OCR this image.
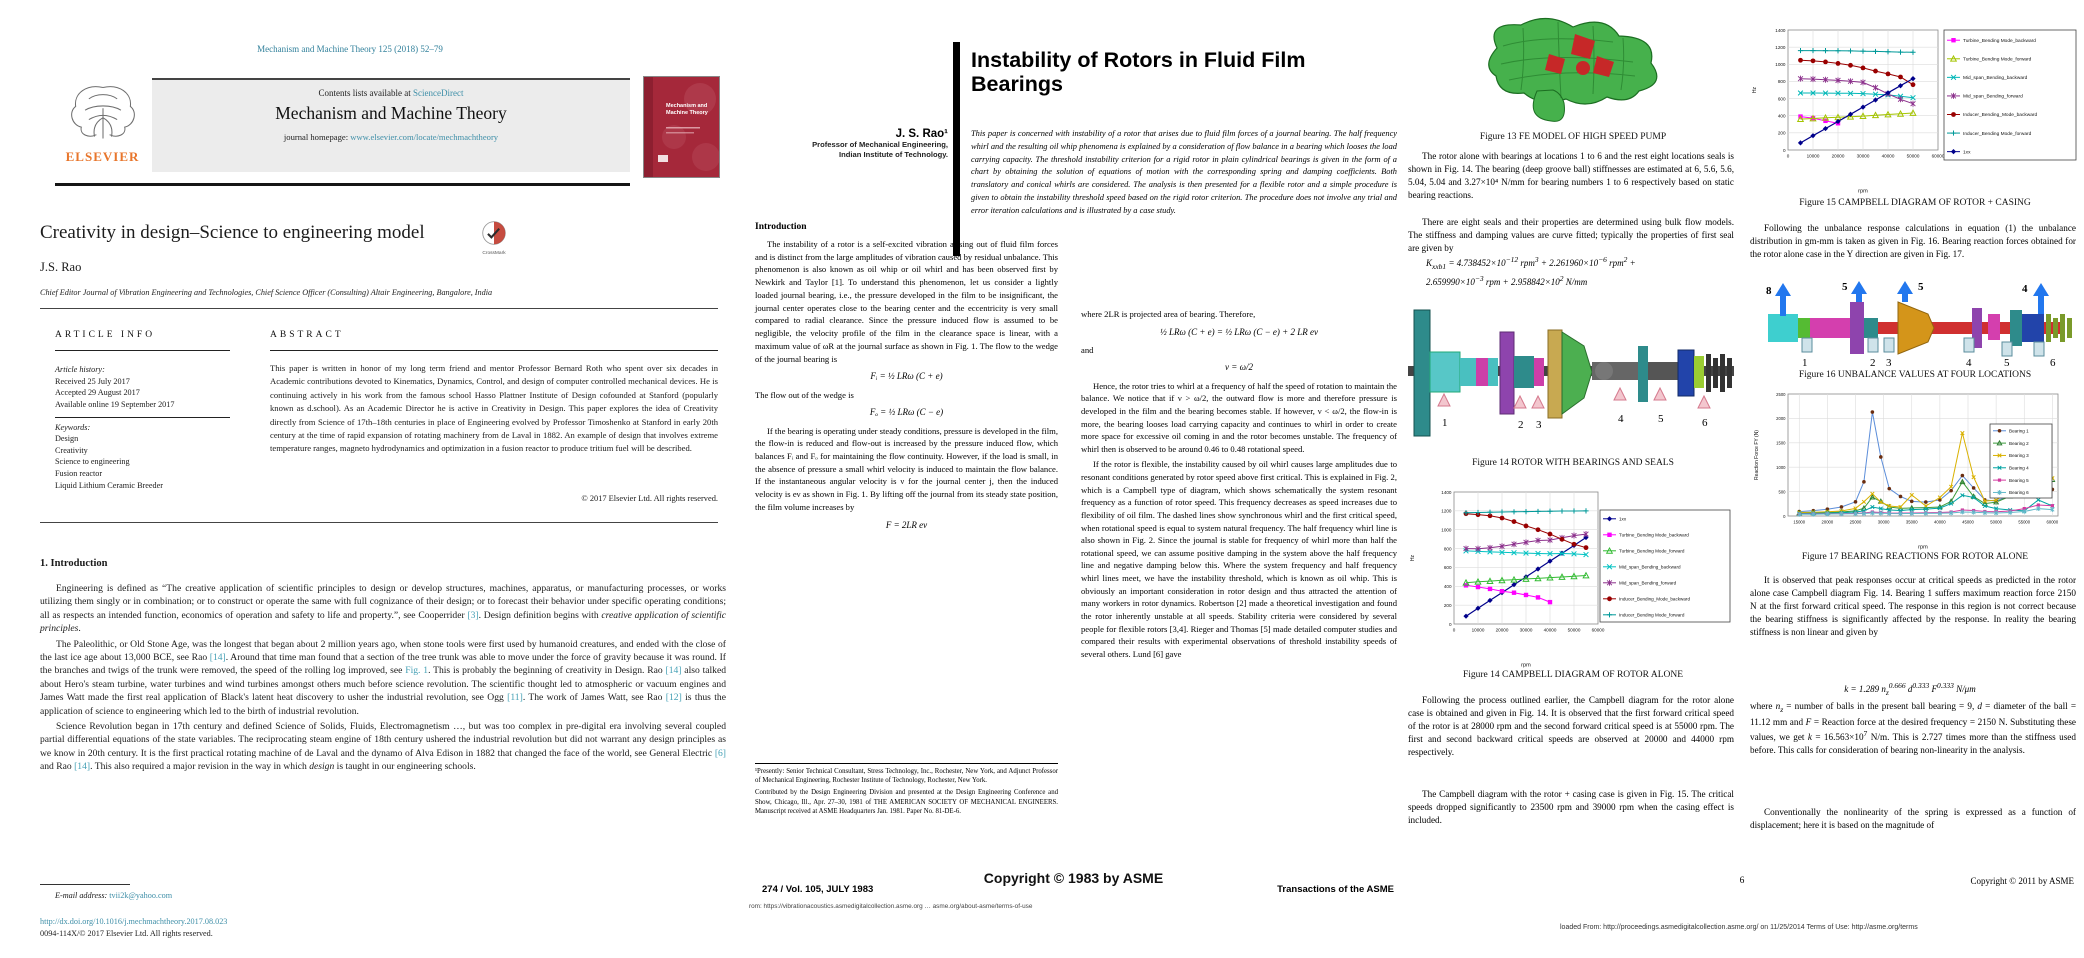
Mechanism and Machine Theory 125 (2018) 52–79
ELSEVIER
Contents lists available at ScienceDirect
Mechanism and Machine Theory
journal homepage: www.elsevier.com/locate/mechmachtheory
Mechanism and Machine Theory
Creativity in design–Science to engineering model
CrossMark
J.S. Rao
Chief Editor Journal of Vibration Engineering and Technologies, Chief Science Officer (Consulting) Altair Engineering, Bangalore, India
ARTICLE INFO	ABSTRACT
Article history:
Received 25 July 2017
Accepted 29 August 2017
Available online 19 September 2017
Keywords:
Design
Creativity
Science to engineering
Fusion reactor
Liquid Lithium Ceramic Breeder
This paper is written in honor of my long term friend and mentor Professor Bernard Roth who spent over six decades in Academic contributions devoted to Kinematics, Dynamics, Control, and design of computer controlled mechanical devices. He is continuing actively in his work from the famous school Hasso Plattner Institute of Design cofounded at Stanford (popularly known as d.school). As an Academic Director he is active in Creativity in Design. This paper explores the idea of Creativity directly from Science of 17th–18th centuries in place of Engineering evolved by Professor Timoshenko at Stanford in early 20th century at the time of rapid expansion of rotating machinery from de Laval in 1882. An example of design that involves extreme temperature ranges, magneto hydrodynamics and optimization in a fusion reactor to produce tritium fuel will be described.
© 2017 Elsevier Ltd. All rights reserved.
1. Introduction

Engineering is defined as “The creative application of scientific principles to design or develop structures, machines, apparatus, or manufacturing processes, or works utilizing them singly or in combination; or to construct or operate the same with full cognizance of their design; or to forecast their behavior under specific operating conditions; all as respects an intended function, economics of operation and safety to life and property.”, see Cooperrider [3]. Design definition begins with creative application of scientific principles.

The Paleolithic, or Old Stone Age, was the longest that began about 2 million years ago, when stone tools were first used by humanoid creatures, and ended with the close of the last ice age about 13,000 BCE, see Rao [14]. Around that time man found that a section of the tree trunk was able to move under the force of gravity because it was round. If the branches and twigs of the trunk were removed, the speed of the rolling log improved, see Fig. 1. This is probably the beginning of creativity in Design. Rao [14] also talked about Hero's steam turbine, water turbines and wind turbines amongst others much before science revolution. The scientific thought led to atmospheric or vacuum engines and James Watt made the first real application of Black's latent heat discovery to usher the industrial revolution, see Ogg [11]. The work of James Watt, see Rao [12] is thus the application of science to engineering which led to the birth of industrial revolution.

Science Revolution began in 17th century and defined Science of Solids, Fluids, Electromagnetism …, but was too complex in pre-digital era involving several coupled partial differential equations of the state variables. The reciprocating steam engine of 18th century ushered the industrial revolution but did not warrant any design principles as we know in 20th century. It is the first practical rotating machine of de Laval and the dynamo of Alva Edison in 1882 that changed the face of the world, see General Electric [6] and Rao [14]. This also required a major revision in the way in which design is taught in our engineering schools.

E-mail address: tvii2k@yahoo.com
http://dx.doi.org/10.1016/j.mechmachtheory.2017.08.023
0094-114X/© 2017 Elsevier Ltd. All rights reserved.
J. S. Rao¹
Professor of Mechanical Engineering,
Indian Institute of Technology.
Instability of Rotors in Fluid Film Bearings
This paper is concerned with instability of a rotor that arises due to fluid film forces of a journal bearing. The half frequency whirl and the resulting oil whip phenomena is explained by a consideration of flow balance in a bearing which looses the load carrying capacity. The threshold instability criterion for a rigid rotor in plain cylindrical bearings is given in the form of a chart by obtaining the solution of equations of motion with the corresponding spring and damping coefficients. Both translatory and conical whirls are considered. The analysis is then presented for a flexible rotor and a simple procedure is given to obtain the instability threshold speed based on the rigid rotor criterion. The procedure does not involve any trial and error iteration calculations and is illustrated by a case study.
Introduction

The instability of a rotor is a self-excited vibration arising out of fluid film forces and is distinct from the large amplitudes of vibration caused by residual unbalance. This phenomenon is also known as oil whip or oil whirl and has been observed first by Newkirk and Taylor [1]. To understand this phenomenon, let us consider a lightly loaded journal bearing, i.e., the pressure developed in the film to be insignificant, the journal center operates close to the bearing center and the eccentricity is very small compared to radial clearance. Since the pressure induced flow is assumed to be negligible, the velocity profile of the film in the clearance space is linear, with a maximum value of ωR at the journal surface as shown in Fig. 1. The flow to the wedge of the journal bearing is

Fᵢ = ½ LRω (C + e)

The flow out of the wedge is

Fₒ = ½ LRω (C − e)

If the bearing is operating under steady conditions, pressure is developed in the film, the flow-in is reduced and flow-out is increased by the pressure induced flow, which balances Fᵢ and Fₒ for maintaining the flow continuity. However, if the load is small, in the absence of pressure a small whirl velocity is induced to maintain the flow balance. If the instantaneous angular velocity is ν for the journal center j, then the induced velocity is eν as shown in Fig. 1. By lifting off the journal from its steady state position, the film volume increases by

F = 2LR eν

¹Presently: Senior Technical Consultant, Stress Technology, Inc., Rochester, New York, and Adjunct Professor of Mechanical Engineering, Rochester Institute of Technology, Rochester, New York.

Contributed by the Design Engineering Division and presented at the Design Engineering Conference and Show, Chicago, Ill., Apr. 27–30, 1981 of THE AMERICAN SOCIETY OF MECHANICAL ENGINEERS. Manuscript received at ASME Headquarters Jan. 1981. Paper No. 81-DE-6.

where 2LR is projected area of bearing. Therefore,

½ LRω (C + e) = ½ LRω (C − e) + 2 LR eν

and

ν = ω/2

Hence, the rotor tries to whirl at a frequency of half the speed of rotation to maintain the balance. We notice that if ν > ω/2, the outward flow is more and therefore pressure is developed in the film and the bearing becomes stable. If however, ν < ω/2, the flow-in is more, the bearing looses load carrying capacity and continues to whirl in order to create more space for excessive oil coming in and the rotor becomes unstable. The frequency of whirl then is observed to be around 0.46 to 0.48 rotational speed.

If the rotor is flexible, the instability caused by oil whirl causes large amplitudes due to resonant conditions generated by rotor speed above first critical. This is explained in Fig. 2, which is a Campbell type of diagram, which shows schematically the system resonant frequency as a function of rotor speed. This frequency decreases as speed increases due to flexibility of oil film. The dashed lines show synchronous whirl and the first critical speed, when rotational speed is equal to system natural frequency. The half frequency whirl line is also shown in Fig. 2. Since the journal is stable for frequency of whirl more than half the rotational speed, we can assume positive damping in the system above the half frequency line and negative damping below this. Where the system frequency and half frequency whirl lines meet, we have the instability threshold, which is known as oil whip. This is obviously an important consideration in rotor design and thus attracted the attention of many workers in rotor dynamics. Robertson [2] made a theoretical investigation and found the rotor inherently unstable at all speeds. Stability criteria were considered by several people for flexible rotors [3,4]. Rieger and Thomas [5] made detailed computer studies and compared their results with experimental observations of threshold instability speeds of several others. Lund [6] gave

Copyright © 1983 by ASME
274 / Vol. 105, JULY 1983	Transactions of the ASME
rom: https://vibrationacoustics.asmedigitalcollection.asme.org … asme.org/about-asme/terms-of-use
Figure 13 FE MODEL OF HIGH SPEED PUMP
The rotor alone with bearings at locations 1 to 6 and the rest eight locations seals is shown in Fig. 14. The bearing (deep groove ball) stiffnesses are estimated at 6, 5.6, 5.6, 5.04, 5.04 and 3.27×10⁴ N/mm for bearing numbers 1 to 6 respectively based on static bearing reactions.
There are eight seals and their properties are determined using bulk flow models. The stiffness and damping values are curve fitted; typically the properties of first seal are given by
$K_{xxb1} = 4.738452\times 10^{-12}$ $rpm^3 + 2.261960\times 10^{-6}$ rpm$^2$ +
$2.659990\times 10^{-3}$ rpm + $2.958842\times 10^2$ N/mm
1	2 3	4	5	6
Figure 14 ROTOR WITH BEARINGS AND SEALS
0	10000 20000 30000 40000 50000 60000
0
200
400
600
800
1000
1200
1400
rpm
Hz
1xx
Turbine_Bending Mode_backward
Turbine_Bending Mode_forward
Mid_span_Bending_backward
Mid_span_Bending_forward
Inducer_Bending_Mode_backward
Inducer_Bending Mode_forward
Figure 14 CAMPBELL DIAGRAM OF ROTOR ALONE
Following the process outlined earlier, the Campbell diagram for the rotor alone case is obtained and given in Fig. 14. It is observed that the first forward critical speed of the rotor is at 28000 rpm and the second forward critical speed is at 55000 rpm. The first and second backward critical speeds are observed at 20000 and 44000 rpm respectively.
The Campbell diagram with the rotor + casing case is given in Fig. 15. The critical speeds dropped significantly to 23500 rpm and 39000 rpm when the casing effect is included.
0	10000	20000	30000	40000	50000	60000
0
200
400
600
800
1000
1200
1400
rpm
Hz
Turbine_Bending Mode_backward
Turbine_Bending Mode_forward
Mid_span_Bending_backward
Mid_span_Bending_forward
Inducer_Bending_Mode_backward
Inducer_Bending Mode_forward
1xx
Figure 15 CAMPBELL DIAGRAM OF ROTOR + CASING
Following the unbalance response calculations in equation (1) the unbalance distribution in gm-mm is taken as given in Fig. 16. Bearing reaction forces obtained for the rotor alone case in the Y direction are given in Fig. 17.
8	5	5	4
1	2 3	4	5	6
Figure 16 UNBALANCE VALUES AT FOUR LOCATIONS
15000	20000	25000	30000	35000	40000	45000	50000	55000	60000
0
500
1000
1500
2000
2500
rpm
Reaction Force FY (N)	Bearing 1
Bearing 2
Bearing 3
Bearing 4
Bearing 5
Bearing 6
Figure 17 BEARING REACTIONS FOR ROTOR ALONE
It is observed that peak responses occur at critical speeds as predicted in the rotor alone case Campbell diagram Fig. 14. Bearing 1 suffers maximum reaction force 2150 N at the first forward critical speed. The response in this region is not correct because the bearing stiffness is significantly affected by the response. In reality the bearing stiffness is non linear and given by
k = 1.289 $n_z^{0.666}$ $d^{0.333}$ $F^{0.333}$ N/μm
where $n_z$ = number of balls in the present ball bearing = 9, d = diameter of the ball = 11.12 mm and F = Reaction force at the desired frequency = 2150 N. Substituting these values, we get $k = 16.563\times 10^7$ N/m. This is 2.727 times more than the stiffness used before. This calls for consideration of bearing non-linearity in the analysis.
Conventionally the nonlinearity of the spring is expressed as a function of displacement; here it is based on the magnitude of
6	Copyright © 2011 by ASME
loaded From: http://proceedings.asmedigitalcollection.asme.org/ on 11/25/2014 Terms of Use: http://asme.org/terms
